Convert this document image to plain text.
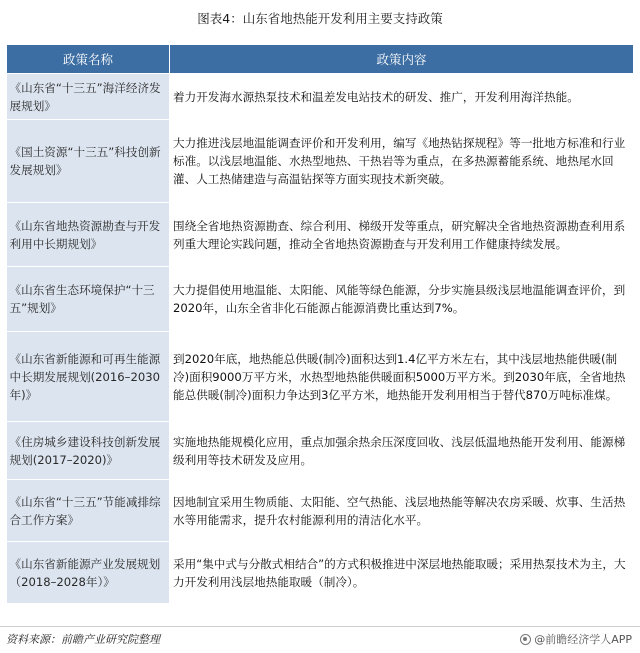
图表4：山东省地热能开发利用主要支持政策
政策名称	政策内容
《山东省“十三五”海洋经济发展规划》	着力开发海水源热泵技术和温差发电站技术的研发、推广，开发利用海洋热能。
《国土资源“十三五”科技创新发展规划》	大力推进浅层地温能调查评价和开发利用，编写《地热钻探规程》等一批地方标准和行业标准。以浅层地温能、水热型地热、干热岩等为重点，在多热源蓄能系统、地热尾水回灌、人工热储建造与高温钻探等方面实现技术新突破。
《山东省地热资源勘查与开发利用中长期规划》	围绕全省地热资源勘查、综合利用、梯级开发等重点，研究解决全省地热资源勘查利用系列重大理论实践问题，推动全省地热资源勘查与开发利用工作健康持续发展。
《山东省生态环境保护“十三五”规划》	大力提倡使用地温能、太阳能、风能等绿色能源，分步实施县级浅层地温能调查评价，到2020年，山东全省非化石能源占能源消费比重达到7%。
《山东省新能源和可再生能源中长期发展规划(2016–2030年)》	到2020年底，地热能总供暖(制冷)面积达到1.4亿平方米左右，其中浅层地热能供暖(制冷)面积9000万平方米，水热型地热能供暖面积5000万平方米。到2030年底，全省地热能总供暖(制冷)面积力争达到3亿平方米，地热能开发利用相当于替代870万吨标准煤。
《住房城乡建设科技创新发展规划(2017–2020)》	实施地热能规模化应用，重点加强余热余压深度回收、浅层低温地热能开发利用、能源梯级利用等技术研发及应用。
《山东省“十三五”节能减排综合工作方案》	因地制宜采用生物质能、太阳能、空气热能、浅层地热能等解决农房采暖、炊事、生活热水等用能需求，提升农村能源利用的清洁化水平。
《山东省新能源产业发展规划（2018–2028年）》	采用“集中式与分散式相结合”的方式积极推进中深层地热能取暖；采用热泵技术为主，大力开发利用浅层地热能取暖（制冷）。
资料来源：前瞻产业研究院整理	@前瞻经济学人APP
